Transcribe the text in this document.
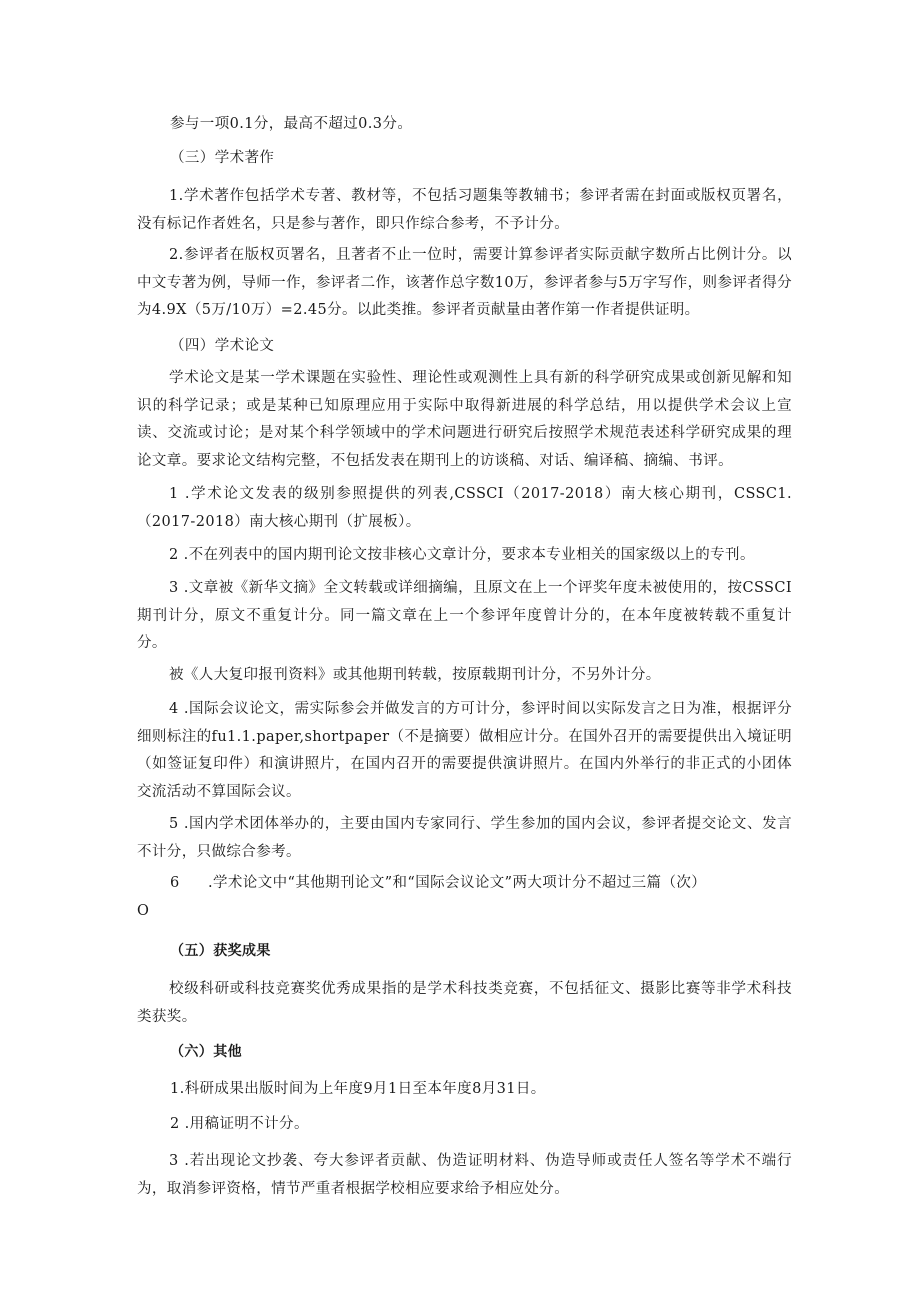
参与一项0.1分，最高不超过0.3分。
（三）学术著作
1.学术著作包括学术专著、教材等，不包括习题集等教辅书；参评者需在封面或版权页署名，没有标记作者姓名，只是参与著作，即只作综合参考，不予计分。
2.参评者在版权页署名，且著者不止一位时，需要计算参评者实际贡献字数所占比例计分。以中文专著为例，导师一作，参评者二作，该著作总字数10万，参评者参与5万字写作，则参评者得分为4.9X（5万/10万）=2.45分。以此类推。参评者贡献量由著作第一作者提供证明。
（四）学术论文
学术论文是某一学术课题在实验性、理论性或观测性上具有新的科学研究成果或创新见解和知识的科学记录；或是某种已知原理应用于实际中取得新进展的科学总结，用以提供学术会议上宣读、交流或讨论；是对某个科学领域中的学术问题进行研究后按照学术规范表述科学研究成果的理论文章。要求论文结构完整，不包括发表在期刊上的访谈稿、对话、编译稿、摘编、书评。
1 .学术论文发表的级别参照提供的列表,CSSCI（2017-2018）南大核心期刊，CSSC1.（2017-2018）南大核心期刊（扩展板）。
2 .不在列表中的国内期刊论文按非核心文章计分，要求本专业相关的国家级以上的专刊。
3 .文章被《新华文摘》全文转载或详细摘编，且原文在上一个评奖年度未被使用的，按CSSCI期刊计分，原文不重复计分。同一篇文章在上一个参评年度曾计分的，在本年度被转载不重复计分。
被《人大复印报刊资料》或其他期刊转载，按原载期刊计分，不另外计分。
4 .国际会议论文，需实际参会并做发言的方可计分，参评时间以实际发言之日为准，根据评分细则标注的fu1.1.paper,shortpaper（不是摘要）做相应计分。在国外召开的需要提供出入境证明（如签证复印件）和演讲照片，在国内召开的需要提供演讲照片。在国内外举行的非正式的小团体交流活动不算国际会议。
5 .国内学术团体举办的，主要由国内专家同行、学生参加的国内会议，参评者提交论文、发言不计分，只做综合参考。
6	.学术论文中“其他期刊论文”和“国际会议论文”两大项计分不超过三篇（次）
O
（五）获奖成果
校级科研或科技竞赛奖优秀成果指的是学术科技类竞赛，不包括征文、摄影比赛等非学术科技类获奖。
（六）其他
1.科研成果出版时间为上年度9月1日至本年度8月31日。
2 .用稿证明不计分。
3 .若出现论文抄袭、夸大参评者贡献、伪造证明材料、伪造导师或责任人签名等学术不端行为，取消参评资格，情节严重者根据学校相应要求给予相应处分。
